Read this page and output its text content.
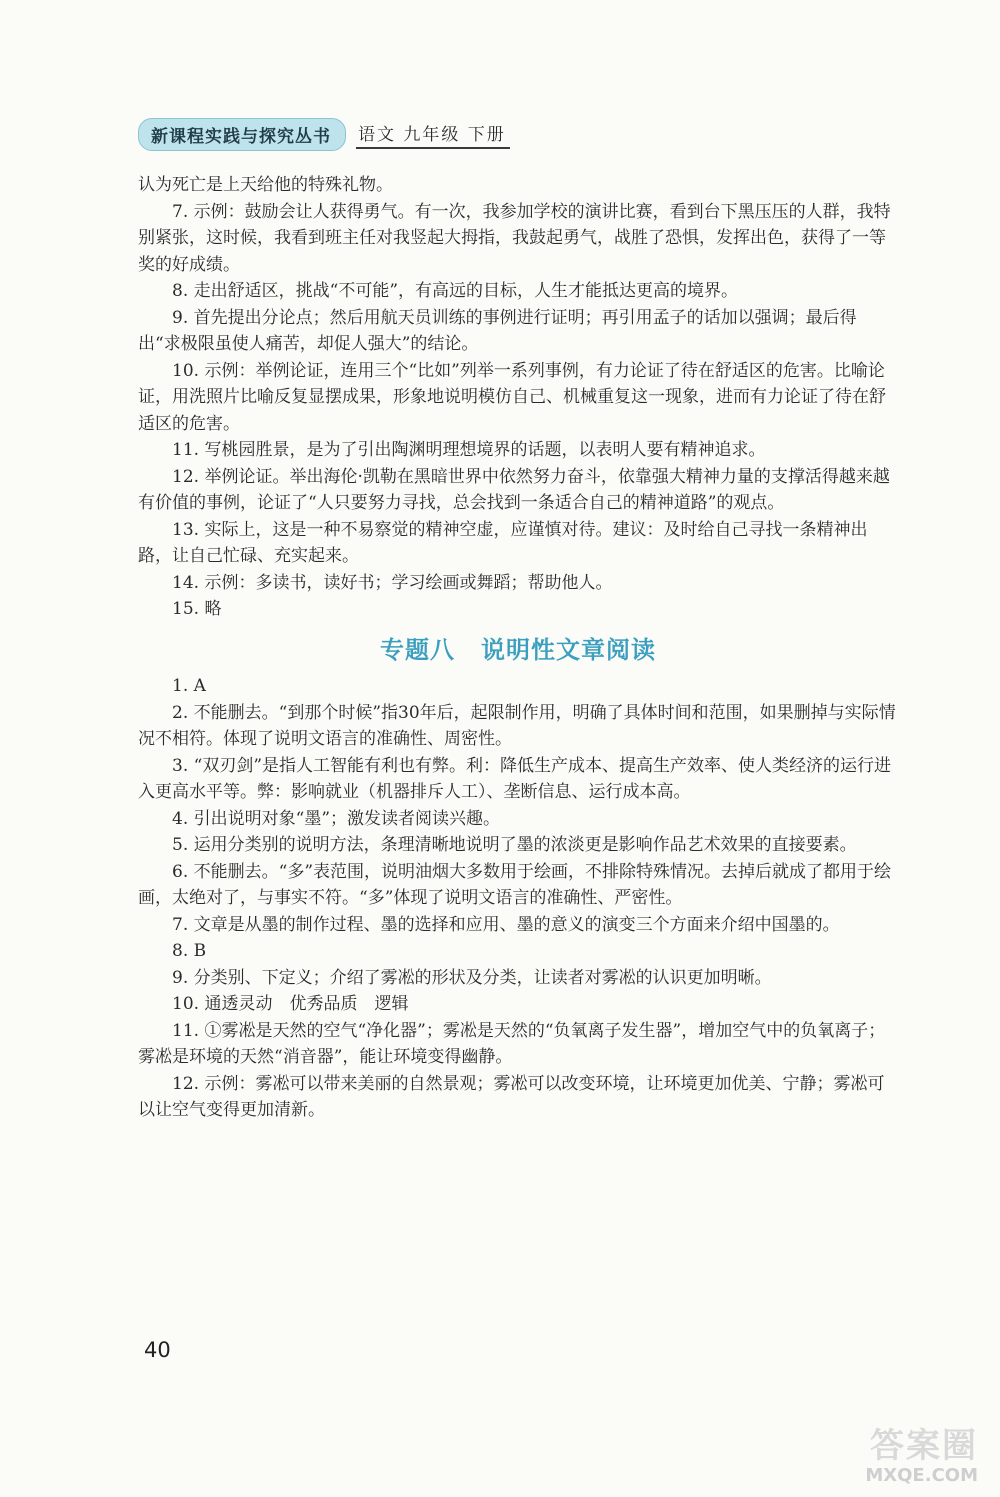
新课程实践与探究丛书	语文 九年级 下册

认为死亡是上天给他的特殊礼物。

7. 示例：鼓励会让人获得勇气。有一次，我参加学校的演讲比赛，看到台下黑压压的人群，我特别紧张，这时候，我看到班主任对我竖起大拇指，我鼓起勇气，战胜了恐惧，发挥出色，获得了一等奖的好成绩。

8. 走出舒适区，挑战“不可能”，有高远的目标，人生才能抵达更高的境界。

9. 首先提出分论点；然后用航天员训练的事例进行证明；再引用孟子的话加以强调；最后得出“求极限虽使人痛苦，却促人强大”的结论。

10. 示例：举例论证，连用三个“比如”列举一系列事例，有力论证了待在舒适区的危害。比喻论证，用洗照片比喻反复显摆成果，形象地说明模仿自己、机械重复这一现象，进而有力论证了待在舒适区的危害。

11. 写桃园胜景，是为了引出陶渊明理想境界的话题，以表明人要有精神追求。

12. 举例论证。举出海伦·凯勒在黑暗世界中依然努力奋斗，依靠强大精神力量的支撑活得越来越有价值的事例，论证了“人只要努力寻找，总会找到一条适合自己的精神道路”的观点。

13. 实际上，这是一种不易察觉的精神空虚，应谨慎对待。建议：及时给自己寻找一条精神出路，让自己忙碌、充实起来。

14. 示例：多读书，读好书；学习绘画或舞蹈；帮助他人。

15. 略

专题八 说明性文章阅读

1. A

2. 不能删去。“到那个时候”指30年后，起限制作用，明确了具体时间和范围，如果删掉与实际情况不相符。体现了说明文语言的准确性、周密性。

3. “双刃剑”是指人工智能有利也有弊。利：降低生产成本、提高生产效率、使人类经济的运行进入更高水平等。弊：影响就业（机器排斥人工）、垄断信息、运行成本高。

4. 引出说明对象“墨”；激发读者阅读兴趣。

5. 运用分类别的说明方法，条理清晰地说明了墨的浓淡更是影响作品艺术效果的直接要素。

6. 不能删去。“多”表范围，说明油烟大多数用于绘画，不排除特殊情况。去掉后就成了都用于绘画，太绝对了，与事实不符。“多”体现了说明文语言的准确性、严密性。

7. 文章是从墨的制作过程、墨的选择和应用、墨的意义的演变三个方面来介绍中国墨的。

8. B

9. 分类别、下定义；介绍了雾凇的形状及分类，让读者对雾凇的认识更加明晰。

10. 通透灵动　优秀品质　逻辑

11. ①雾凇是天然的空气“净化器”；雾凇是天然的“负氧离子发生器”，增加空气中的负氧离子；雾凇是环境的天然“消音器”，能让环境变得幽静。

12. 示例：雾凇可以带来美丽的自然景观；雾凇可以改变环境，让环境更加优美、宁静；雾凇可以让空气变得更加清新。

40
答案圈
MXQE.COM
